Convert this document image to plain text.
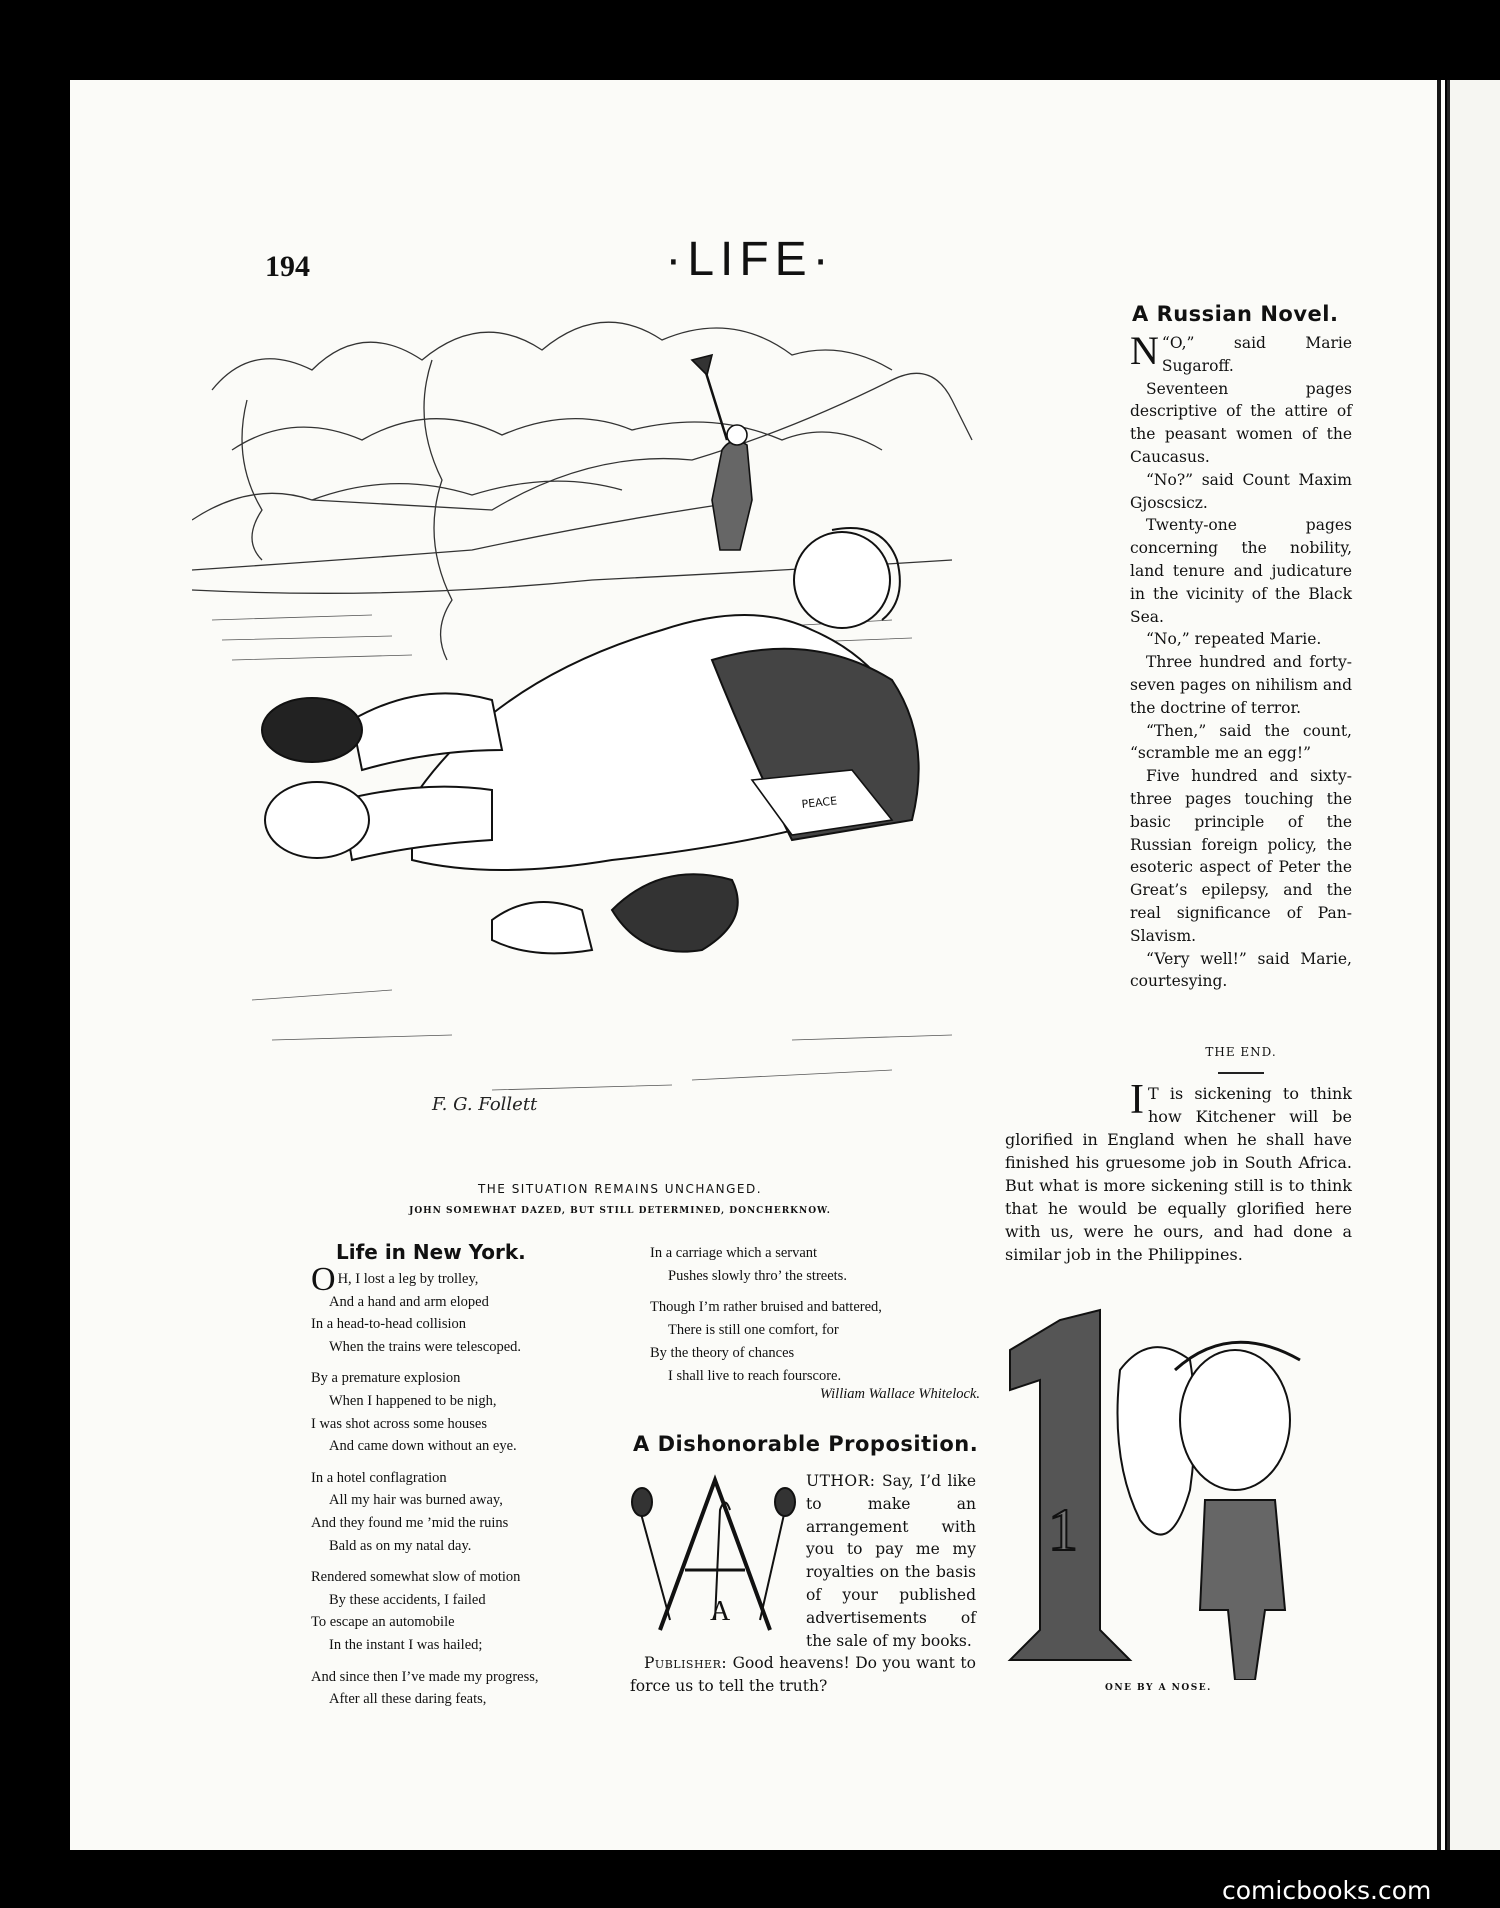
194	·LIFE·
PEACE
F. G. Follett
THE SITUATION REMAINS UNCHANGED.
JOHN SOMEWHAT DAZED, BUT STILL DETERMINED, DONCHERKNOW.
A Russian Novel.

“
N O,” said Marie Sugaroff.

Seventeen pages descriptive of the attire of the peasant women of the Caucasus.

“No?” said Count Maxim Gjoscsicz.

Twenty-one pages concerning the nobility, land tenure and judicature in the vicinity of the Black Sea.

“No,” repeated Marie.

Three hundred and forty-seven pages on nihilism and the doctrine of terror.

“Then,” said the count, “scramble me an egg!”

Five hundred and sixty-three pages touching the basic principle of the Russian foreign policy, the esoteric aspect of Peter the Great’s epilepsy, and the real significance of Pan-Slavism.

“Very well!” said Marie, courtesying.

THE END.
I T is sickening to think how Kitchener will be glorified in England when he shall have finished his gruesome job in South Africa. But what is more sickening still is to think that he would be equally glorified here with us, were he ours, and had done a similar job in the Philippines.
Life in New York.
O H, I lost a leg by trolley,
And a hand and arm eloped
In a head-to-head collision
When the trains were telescoped.
By a premature explosion
When I happened to be nigh,
I was shot across some houses
And came down without an eye.
In a hotel conflagration
All my hair was burned away,
And they found me ’mid the ruins
Bald as on my natal day.
Rendered somewhat slow of motion
By these accidents, I failed
To escape an automobile
In the instant I was hailed;
And since then I’ve made my progress,
After all these daring feats,
In a carriage which a servant
Pushes slowly thro’ the streets.
Though I’m rather bruised and battered,
There is still one comfort, for
By the theory of chances
I shall live to reach fourscore.
William Wallace Whitelock.
A Dishonorable Proposition.
A
UTHOR: Say, I’d like to make an arrangement with you to pay me my royalties on the basis of your published advertisements of the sale of my books.
Publisher: Good heavens! Do you want to force us to tell the truth?
1
ONE BY A NOSE.
comicbooks.com
